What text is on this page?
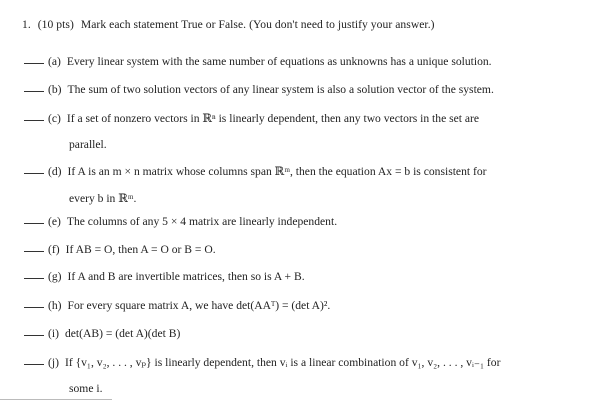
1. (10 pts) Mark each statement True or False. (You don't need to justify your answer.)
(a) Every linear system with the same number of equations as unknowns has a unique solution.
(b) The sum of two solution vectors of any linear system is also a solution vector of the system.
(c) If a set of nonzero vectors in ℝⁿ is linearly dependent, then any two vectors in the set are
parallel.
(d) If A is an m × n matrix whose columns span ℝᵐ, then the equation Ax = b is consistent for
every b in ℝᵐ.
(e) The columns of any 5 × 4 matrix are linearly independent.
(f) If AB = O, then A = O or B = O.
(g) If A and B are invertible matrices, then so is A + B.
(h) For every square matrix A, we have det(AAᵀ) = (det A)².
(i) det(AB) = (det A)(det B)
(j) If {v₁, v₂, . . . , vₚ} is linearly dependent, then vᵢ is a linear combination of v₁, v₂, . . . , vᵢ₋₁ for
some i.
